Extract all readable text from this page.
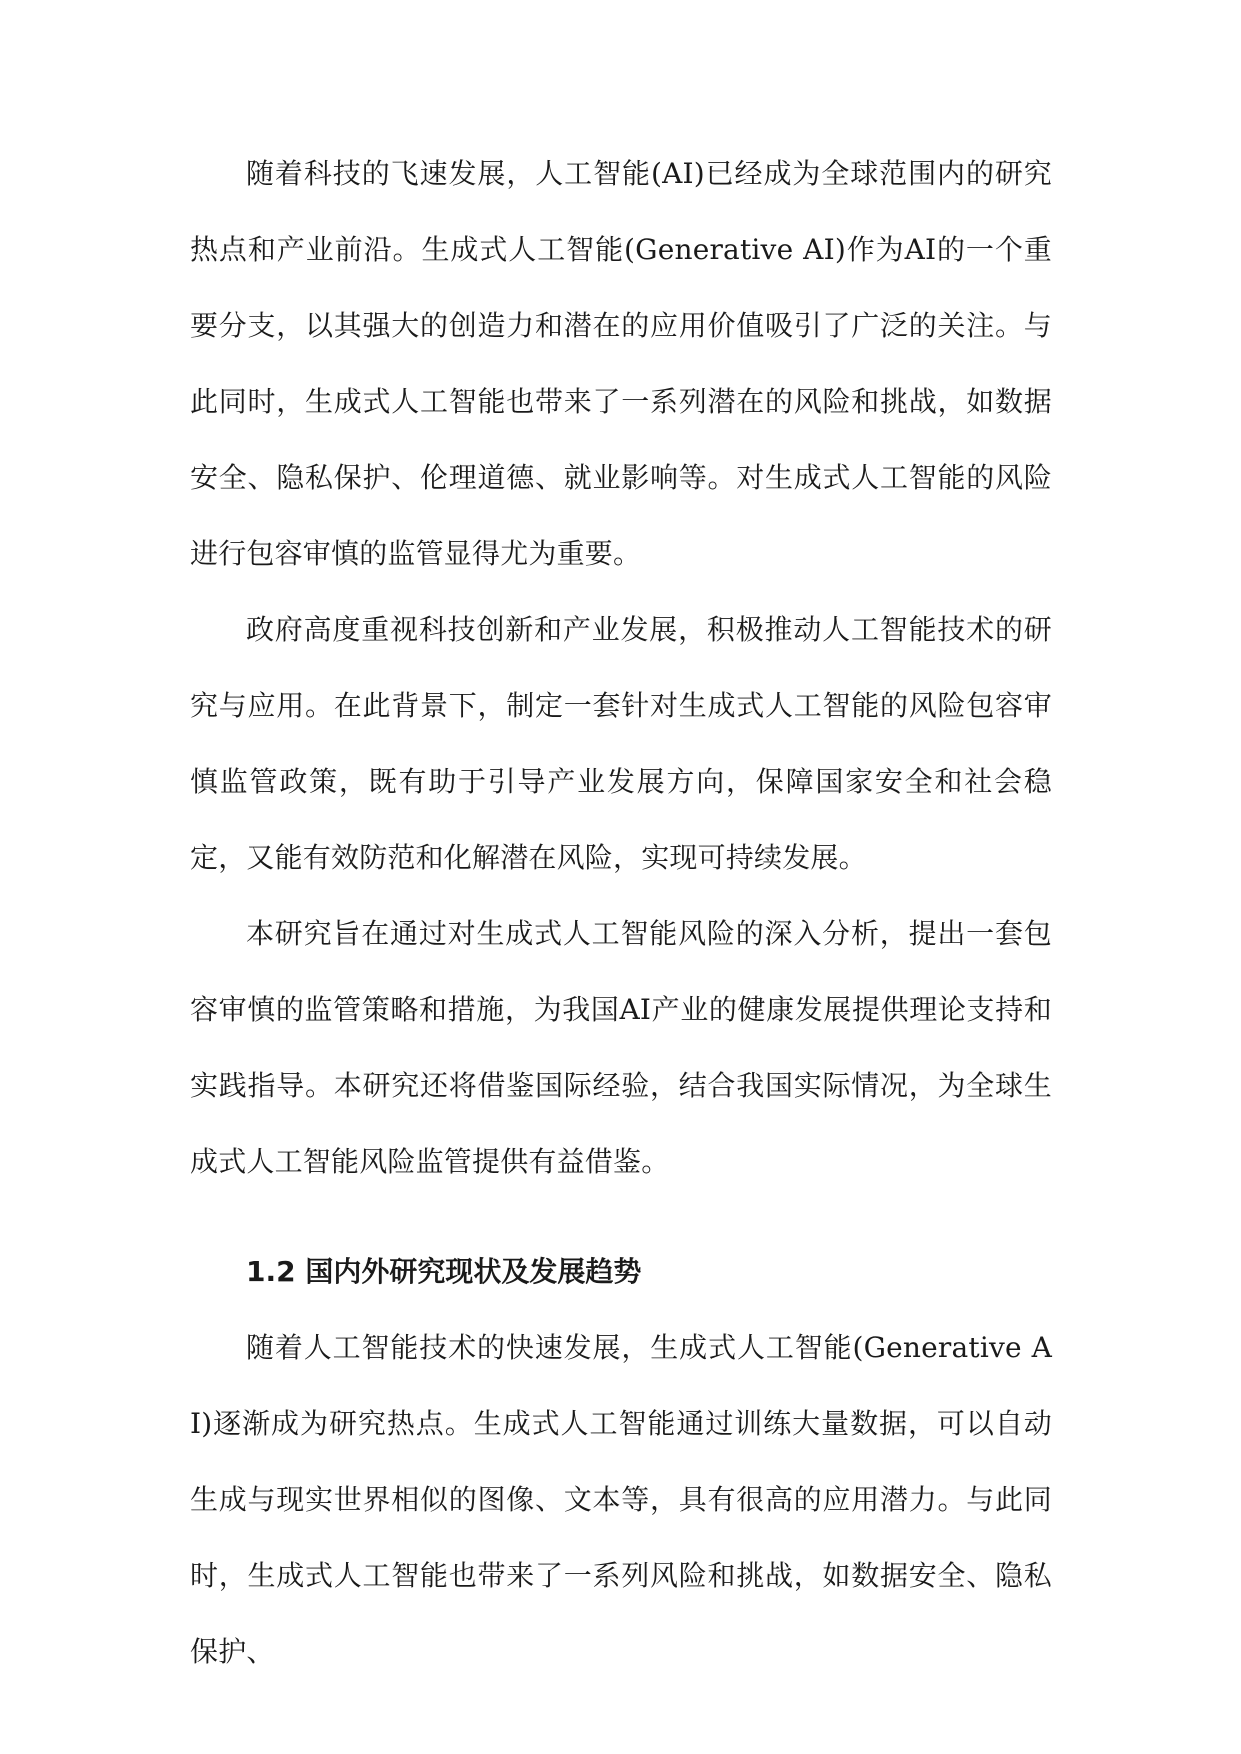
随着科技的飞速发展，人工智能(AI)已经成为全球范围内的研究热点和产业前沿。生成式人工智能(Generative AI)作为AI的一个重要分支，以其强大的创造力和潜在的应用价值吸引了广泛的关注。与此同时，生成式人工智能也带来了一系列潜在的风险和挑战，如数据安全、隐私保护、伦理道德、就业影响等。对生成式人工智能的风险进行包容审慎的监管显得尤为重要。

政府高度重视科技创新和产业发展，积极推动人工智能技术的研究与应用。在此背景下，制定一套针对生成式人工智能的风险包容审慎监管政策，既有助于引导产业发展方向，保障国家安全和社会稳定，又能有效防范和化解潜在风险，实现可持续发展。

本研究旨在通过对生成式人工智能风险的深入分析，提出一套包容审慎的监管策略和措施，为我国AI产业的健康发展提供理论支持和实践指导。本研究还将借鉴国际经验，结合我国实际情况，为全球生成式人工智能风险监管提供有益借鉴。

1.2 国内外研究现状及发展趋势

随着人工智能技术的快速发展，生成式人工智能(Generative AI)逐渐成为研究热点。生成式人工智能通过训练大量数据，可以自动生成与现实世界相似的图像、文本等，具有很高的应用潜力。与此同时，生成式人工智能也带来了一系列风险和挑战，如数据安全、隐私保护、
